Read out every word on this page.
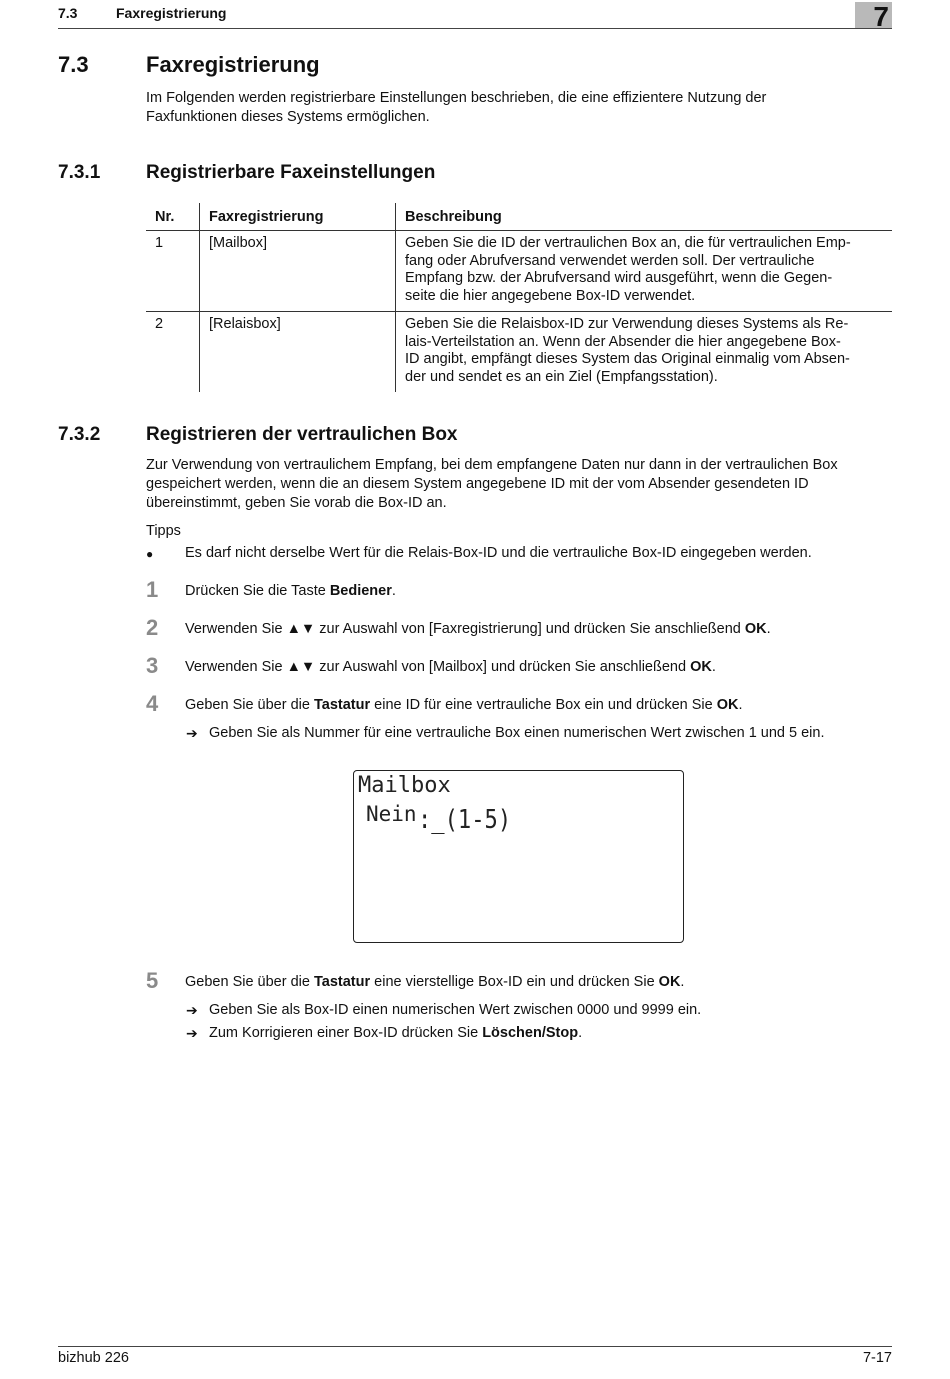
7.3	Faxregistrierung	7
7.3	Faxregistrierung
Im Folgenden werden registrierbare Einstellungen beschrieben, die eine effizientere Nutzung der
Faxfunktionen dieses Systems ermöglichen.
7.3.1 Registrierbare Faxeinstellungen
Nr.	Faxregistrierung	Beschreibung
1	[Mailbox]	Geben Sie die ID der vertraulichen Box an, die für vertraulichen Emp-
fang oder Abrufversand verwendet werden soll. Der vertrauliche
Empfang bzw. der Abrufversand wird ausgeführt, wenn die Gegen-
seite die hier angegebene Box-ID verwendet.

2	[Relaisbox]	Geben Sie die Relaisbox-ID zur Verwendung dieses Systems als Re-
lais-Verteilstation an. Wenn der Absender die hier angegebene Box-
ID angibt, empfängt dieses System das Original einmalig vom Absen-
der und sendet es an ein Ziel (Empfangsstation).
7.3.2 Registrieren der vertraulichen Box
Zur Verwendung von vertraulichem Empfang, bei dem empfangene Daten nur dann in der vertraulichen Box
gespeichert werden, wenn die an diesem System angegebene ID mit der vom Absender gesendeten ID
übereinstimmt, geben Sie vorab die Box-ID an.
Tipps
● Es darf nicht derselbe Wert für die Relais-Box-ID und die vertrauliche Box-ID eingegeben werden.
1 Drücken Sie die Taste Bediener.
2 Verwenden Sie ▲▼ zur Auswahl von [Faxregistrierung] und drücken Sie anschließend OK.
3 Verwenden Sie ▲▼ zur Auswahl von [Mailbox] und drücken Sie anschließend OK.
4 Geben Sie über die Tastatur eine ID für eine vertrauliche Box ein und drücken Sie OK.
➔ Geben Sie als Nummer für eine vertrauliche Box einen numerischen Wert zwischen 1 und 5 ein.
Mailbox
Nein :_(1-5)
5 Geben Sie über die Tastatur eine vierstellige Box-ID ein und drücken Sie OK.
➔ Geben Sie als Box-ID einen numerischen Wert zwischen 0000 und 9999 ein.
➔ Zum Korrigieren einer Box-ID drücken Sie Löschen/Stop.
bizhub 226	7-17
